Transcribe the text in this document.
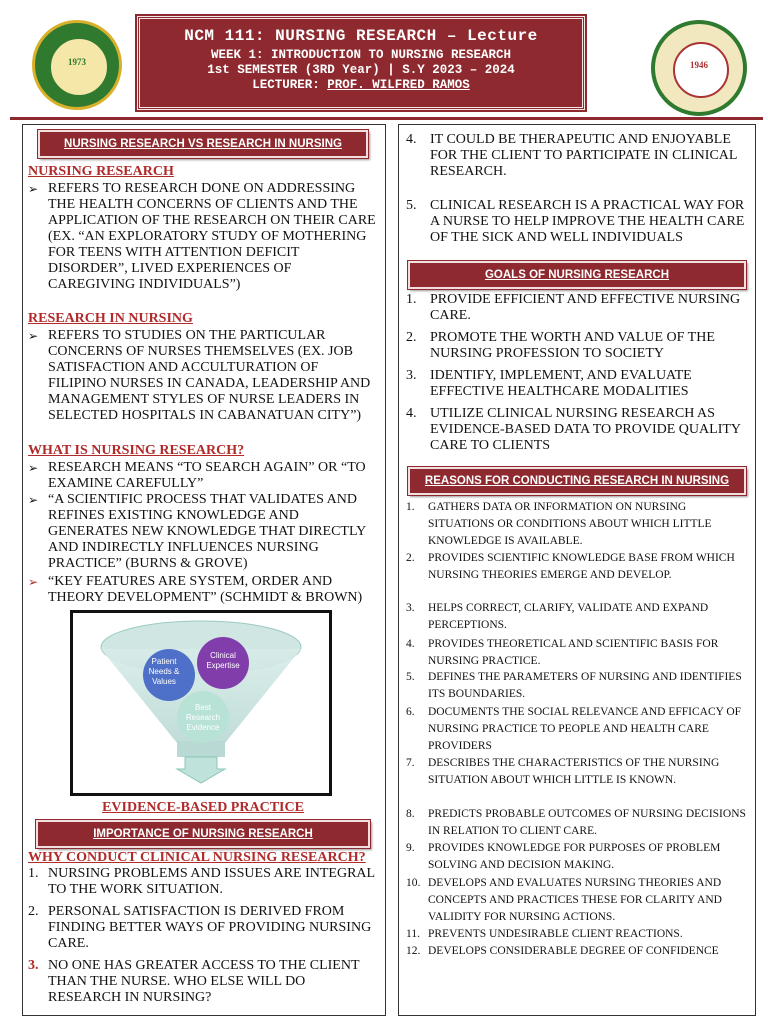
1973
NCM 111: NURSING RESEARCH – Lecture
WEEK 1: INTRODUCTION TO NURSING RESEARCH
1st SEMESTER (3RD Year) | S.Y 2023 – 2024
LECTURER: PROF. WILFRED RAMOS
1946
NURSING RESEARCH VS RESEARCH IN NURSING
NURSING RESEARCH
➢ REFERS TO RESEARCH DONE ON ADDRESSING THE HEALTH CONCERNS OF CLIENTS AND THE APPLICATION OF THE RESEARCH ON THEIR CARE (EX. “AN EXPLORATORY STUDY OF MOTHERING FOR TEENS WITH ATTENTION DEFICIT DISORDER”, LIVED EXPERIENCES OF CAREGIVING INDIVIDUALS”)
RESEARCH IN NURSING
➢ REFERS TO STUDIES ON THE PARTICULAR CONCERNS OF NURSES THEMSELVES (EX. JOB SATISFACTION AND ACCULTURATION OF FILIPINO NURSES IN CANADA, LEADERSHIP AND MANAGEMENT STYLES OF NURSE LEADERS IN SELECTED HOSPITALS IN CABANATUAN CITY”)
WHAT IS NURSING RESEARCH?
➢ RESEARCH MEANS “TO SEARCH AGAIN” OR “TO EXAMINE CAREFULLY”
➢ “A SCIENTIFIC PROCESS THAT VALIDATES AND REFINES EXISTING KNOWLEDGE AND GENERATES NEW KNOWLEDGE THAT DIRECTLY AND INDIRECTLY INFLUENCES NURSING PRACTICE” (BURNS & GROVE)
➢ “KEY FEATURES ARE SYSTEM, ORDER AND THEORY DEVELOPMENT” (SCHMIDT & BROWN)
Patient Needs & Values
Clinical Expertise
Best Research Evidence
EVIDENCE-BASED PRACTICE
IMPORTANCE OF NURSING RESEARCH
WHY CONDUCT CLINICAL NURSING RESEARCH?
1. NURSING PROBLEMS AND ISSUES ARE INTEGRAL TO THE WORK SITUATION.
2. PERSONAL SATISFACTION IS DERIVED FROM FINDING BETTER WAYS OF PROVIDING NURSING CARE.
3. NO ONE HAS GREATER ACCESS TO THE CLIENT THAN THE NURSE. WHO ELSE WILL DO RESEARCH IN NURSING?
4. IT COULD BE THERAPEUTIC AND ENJOYABLE FOR THE CLIENT TO PARTICIPATE IN CLINICAL RESEARCH.
5. CLINICAL RESEARCH IS A PRACTICAL WAY FOR A NURSE TO HELP IMPROVE THE HEALTH CARE OF THE SICK AND WELL INDIVIDUALS
GOALS OF NURSING RESEARCH
1. PROVIDE EFFICIENT AND EFFECTIVE NURSING CARE.
2. PROMOTE THE WORTH AND VALUE OF THE NURSING PROFESSION TO SOCIETY
3. IDENTIFY, IMPLEMENT, AND EVALUATE EFFECTIVE HEALTHCARE MODALITIES
4. UTILIZE CLINICAL NURSING RESEARCH AS EVIDENCE-BASED DATA TO PROVIDE QUALITY CARE TO CLIENTS
REASONS FOR CONDUCTING RESEARCH IN NURSING
1. GATHERS DATA OR INFORMATION ON NURSING SITUATIONS OR CONDITIONS ABOUT WHICH LITTLE KNOWLEDGE IS AVAILABLE.
2. PROVIDES SCIENTIFIC KNOWLEDGE BASE FROM WHICH NURSING THEORIES EMERGE AND DEVELOP.
3. HELPS CORRECT, CLARIFY, VALIDATE AND EXPAND PERCEPTIONS.
4. PROVIDES THEORETICAL AND SCIENTIFIC BASIS FOR NURSING PRACTICE.
5. DEFINES THE PARAMETERS OF NURSING AND IDENTIFIES ITS BOUNDARIES.
6. DOCUMENTS THE SOCIAL RELEVANCE AND EFFICACY OF NURSING PRACTICE TO PEOPLE AND HEALTH CARE PROVIDERS
7. DESCRIBES THE CHARACTERISTICS OF THE NURSING SITUATION ABOUT WHICH LITTLE IS KNOWN.
8. PREDICTS PROBABLE OUTCOMES OF NURSING DECISIONS IN RELATION TO CLIENT CARE.
9. PROVIDES KNOWLEDGE FOR PURPOSES OF PROBLEM SOLVING AND DECISION MAKING.
10. DEVELOPS AND EVALUATES NURSING THEORIES AND CONCEPTS AND PRACTICES THESE FOR CLARITY AND VALIDITY FOR NURSING ACTIONS.
11. PREVENTS UNDESIRABLE CLIENT REACTIONS.
12. DEVELOPS CONSIDERABLE DEGREE OF CONFIDENCE
